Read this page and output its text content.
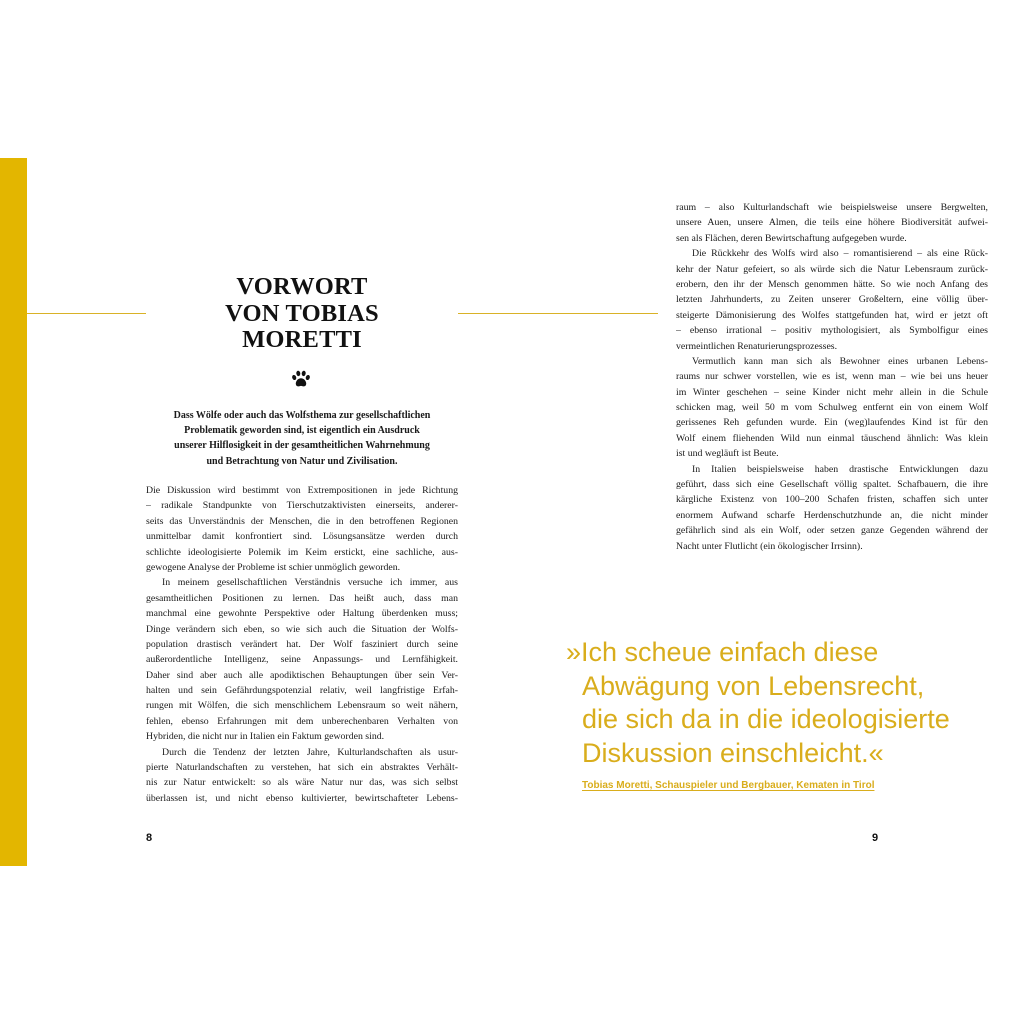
VORWORT
VON TOBIAS
MORETTI
Dass Wölfe oder auch das Wolfsthema zur gesellschaftlichen
Problematik geworden sind, ist eigentlich ein Ausdruck
unserer Hilflosigkeit in der gesamtheitlichen Wahrnehmung
und Betrachtung von Natur und Zivilisation.
Die Diskussion wird bestimmt von Extrempositionen in jede Richtung
– radikale Standpunkte von Tierschutzaktivisten einerseits, anderer-
seits das Unverständnis der Menschen, die in den betroffenen Regionen
unmittelbar damit konfrontiert sind. Lösungsansätze werden durch
schlichte ideologisierte Polemik im Keim erstickt, eine sachliche, aus-
gewogene Analyse der Probleme ist schier unmöglich geworden.
In meinem gesellschaftlichen Verständnis versuche ich immer, aus
gesamtheitlichen Positionen zu lernen. Das heißt auch, dass man
manchmal eine gewohnte Perspektive oder Haltung überdenken muss;
Dinge verändern sich eben, so wie sich auch die Situation der Wolfs-
population drastisch verändert hat. Der Wolf fasziniert durch seine
außerordentliche Intelligenz, seine Anpassungs- und Lernfähigkeit.
Daher sind aber auch alle apodiktischen Behauptungen über sein Ver-
halten und sein Gefährdungspotenzial relativ, weil langfristige Erfah-
rungen mit Wölfen, die sich menschlichem Lebensraum so weit nähern,
fehlen, ebenso Erfahrungen mit dem unberechenbaren Verhalten von
Hybriden, die nicht nur in Italien ein Faktum geworden sind.
Durch die Tendenz der letzten Jahre, Kulturlandschaften als usur-
pierte Naturlandschaften zu verstehen, hat sich ein abstraktes Verhält-
nis zur Natur entwickelt: so als wäre Natur nur das, was sich selbst
überlassen ist, und nicht ebenso kultivierter, bewirtschafteter Lebens-
raum – also Kulturlandschaft wie beispielsweise unsere Bergwelten,
unsere Auen, unsere Almen, die teils eine höhere Biodiversität aufwei-
sen als Flächen, deren Bewirtschaftung aufgegeben wurde.
Die Rückkehr des Wolfs wird also – romantisierend – als eine Rück-
kehr der Natur gefeiert, so als würde sich die Natur Lebensraum zurück-
erobern, den ihr der Mensch genommen hätte. So wie noch Anfang des
letzten Jahrhunderts, zu Zeiten unserer Großeltern, eine völlig über-
steigerte Dämonisierung des Wolfes stattgefunden hat, wird er jetzt oft
– ebenso irrational – positiv mythologisiert, als Symbolfigur eines
vermeintlichen Renaturierungsprozesses.
Vermutlich kann man sich als Bewohner eines urbanen Lebens-
raums nur schwer vorstellen, wie es ist, wenn man – wie bei uns heuer
im Winter geschehen – seine Kinder nicht mehr allein in die Schule
schicken mag, weil 50 m vom Schulweg entfernt ein von einem Wolf
gerissenes Reh gefunden wurde. Ein (weg)laufendes Kind ist für den
Wolf einem fliehenden Wild nun einmal täuschend ähnlich: Was klein
ist und wegläuft ist Beute.
In Italien beispielsweise haben drastische Entwicklungen dazu
geführt, dass sich eine Gesellschaft völlig spaltet. Schafbauern, die ihre
kärgliche Existenz von 100–200 Schafen fristen, schaffen sich unter
enormem Aufwand scharfe Herdenschutzhunde an, die nicht minder
gefährlich sind als ein Wolf, oder setzen ganze Gegenden während der
Nacht unter Flutlicht (ein ökologischer Irrsinn).
»Ich scheue einfach diese
Abwägung von Lebensrecht,
die sich da in die ideologisierte
Diskussion einschleicht.«
Tobias Moretti, Schauspieler und Bergbauer, Kematen in Tirol
8	9
